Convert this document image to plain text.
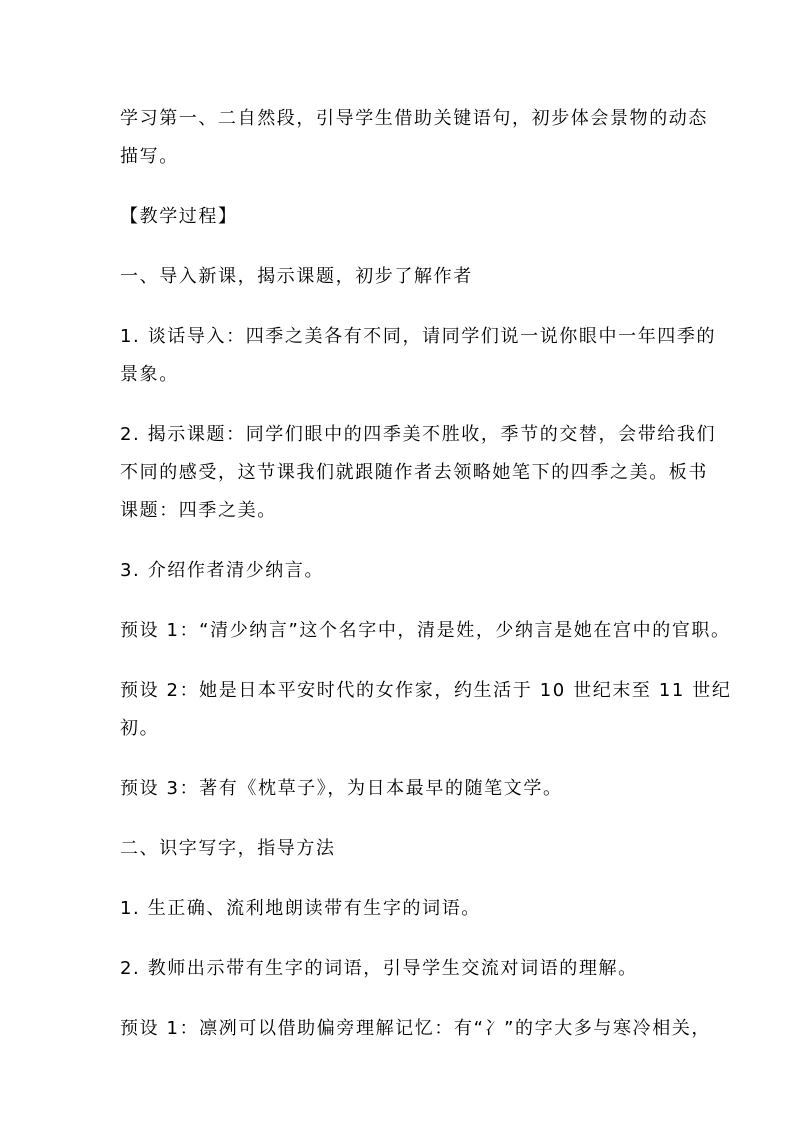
学习第一、二自然段，引导学生借助关键语句，初步体会景物的动态
描写。

【教学过程】

一、导入新课，揭示课题，初步了解作者

1. 谈话导入：四季之美各有不同，请同学们说一说你眼中一年四季的
景象。

2. 揭示课题：同学们眼中的四季美不胜收，季节的交替，会带给我们
不同的感受，这节课我们就跟随作者去领略她笔下的四季之美。板书
课题：四季之美。

3. 介绍作者清少纳言。

预设 1：“清少纳言”这个名字中，清是姓，少纳言是她在宫中的官职。

预设 2：她是日本平安时代的女作家，约生活于 10 世纪末至 11 世纪
初。

预设 3：著有《枕草子》，为日本最早的随笔文学。

二、识字写字，指导方法

1. 生正确、流利地朗读带有生字的词语。

2. 教师出示带有生字的词语，引导学生交流对词语的理解。

预设 1：凛冽可以借助偏旁理解记忆：有“冫”的字大多与寒冷相关，
